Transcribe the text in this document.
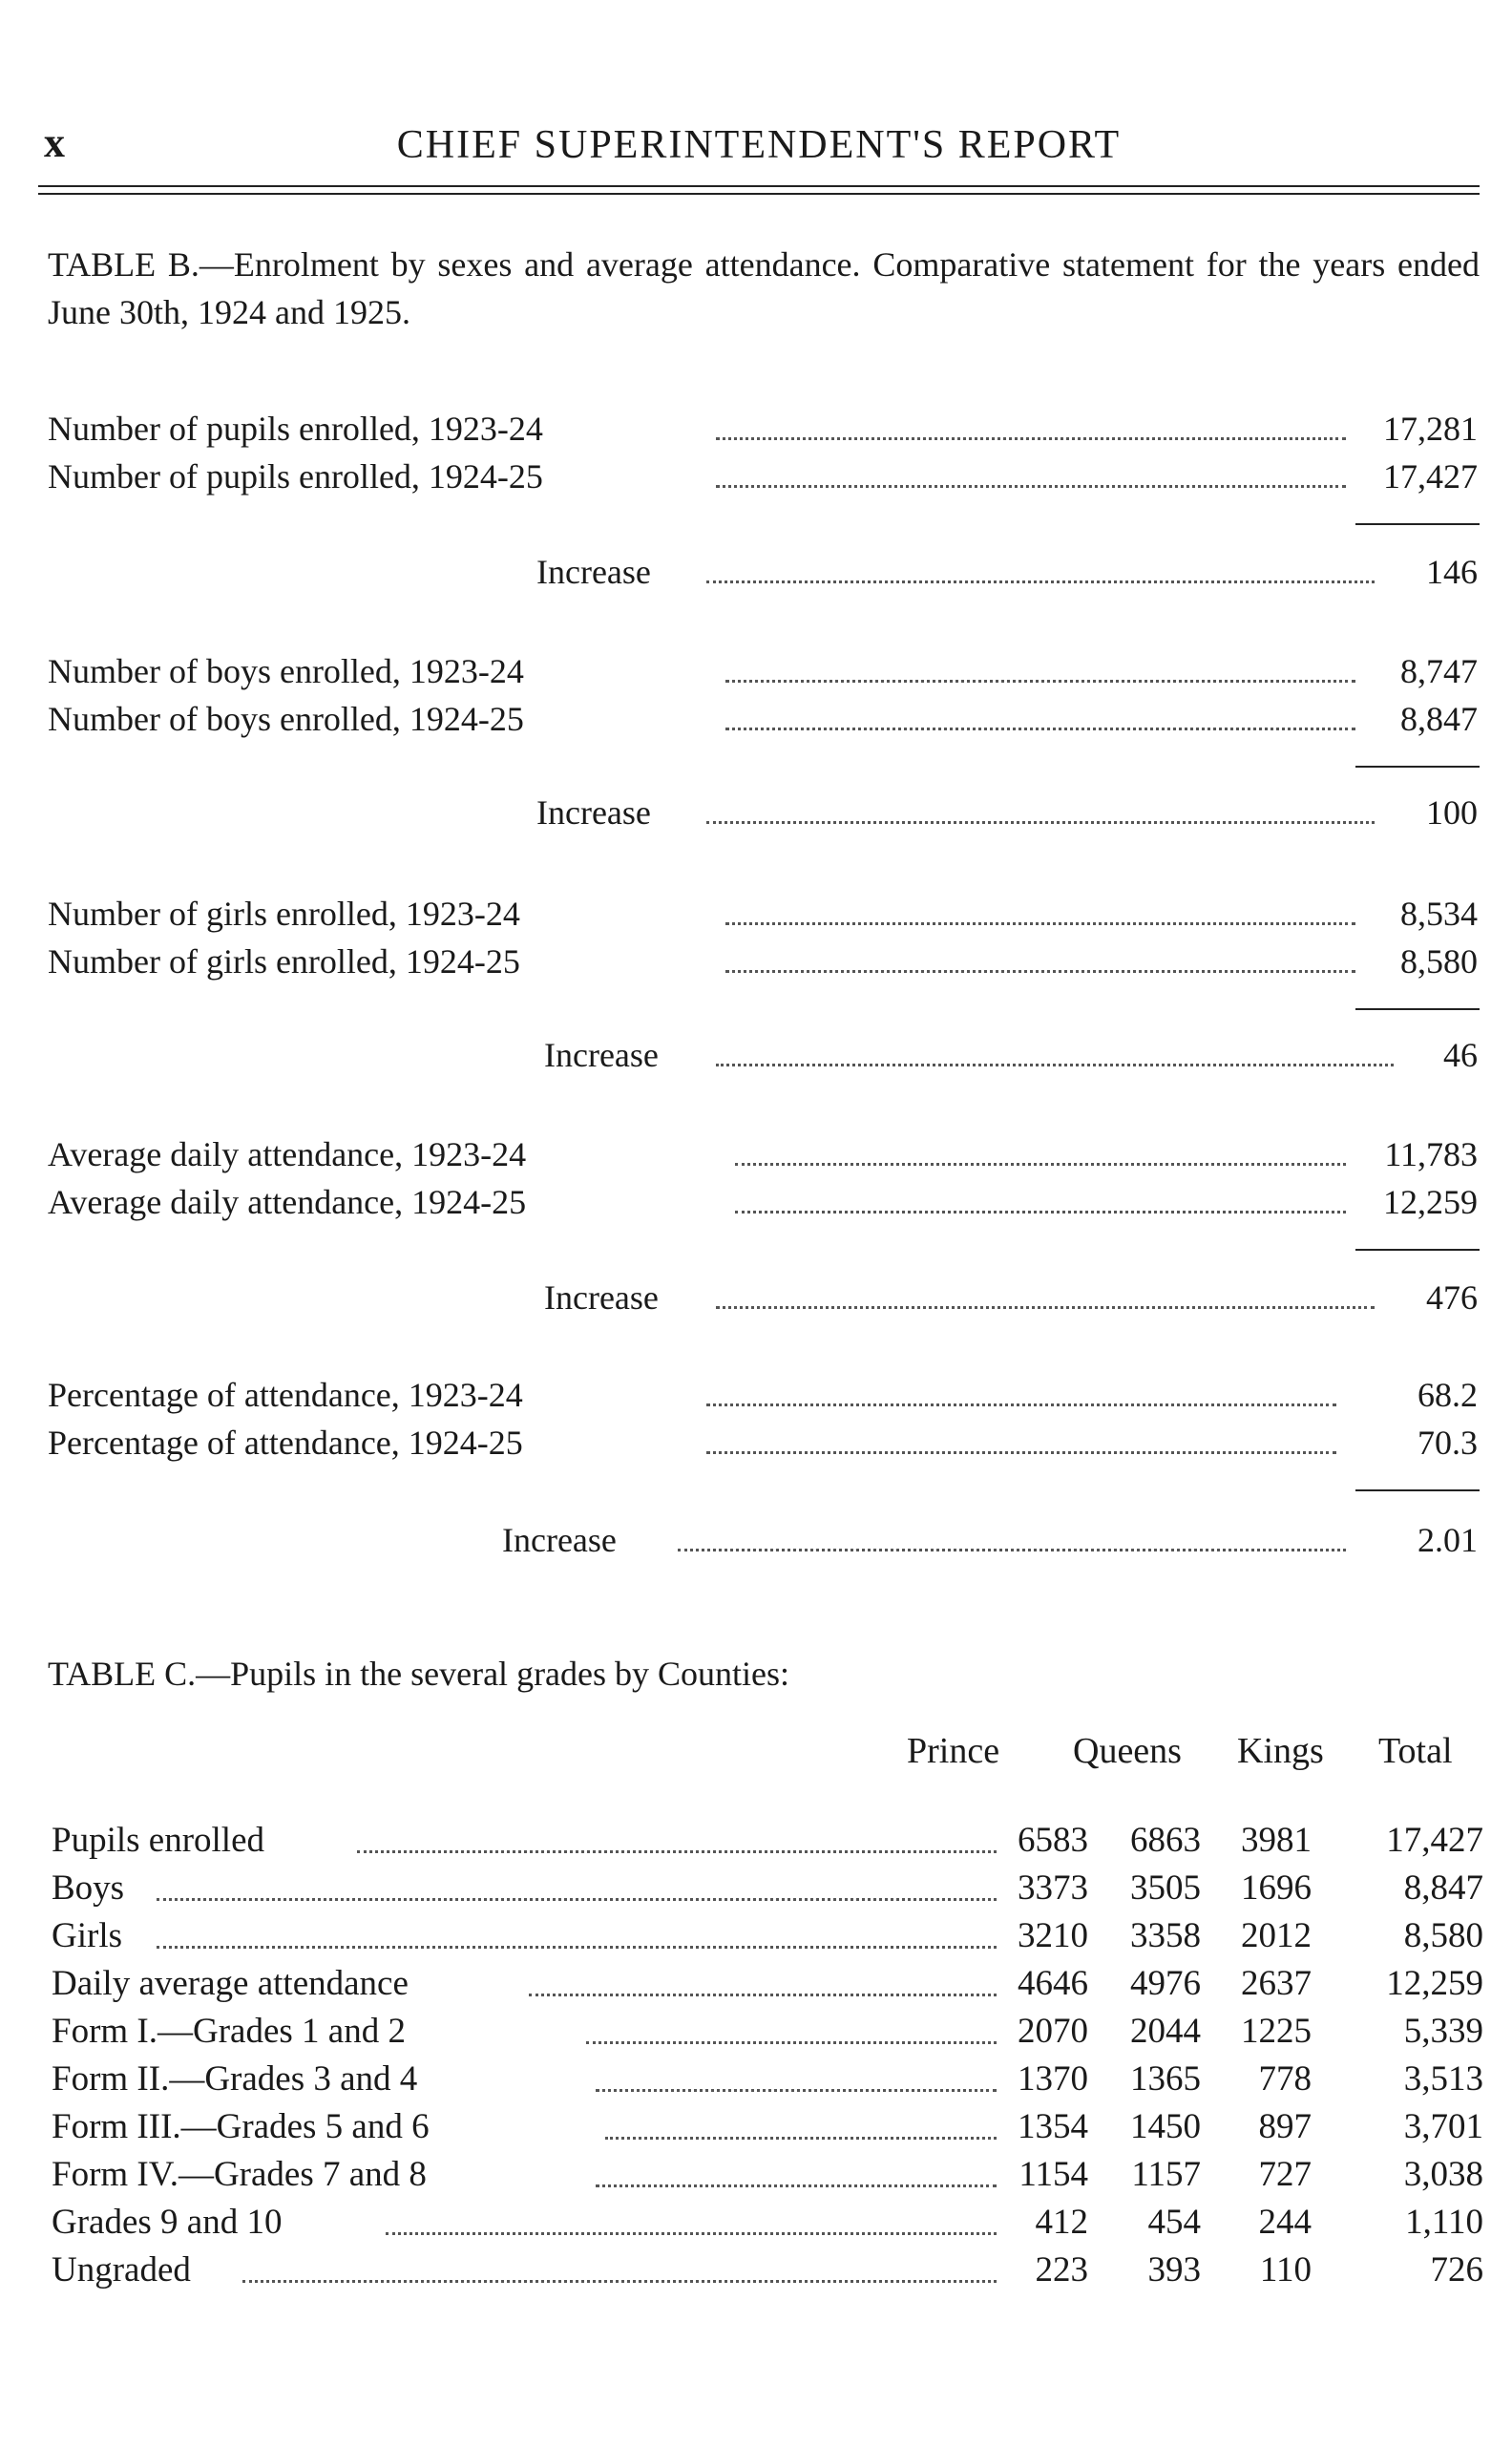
x	CHIEF SUPERINTENDENT'S REPORT
TABLE B.—Enrolment by sexes and average attendance. Comparative statement for the years ended June 30th, 1924 and 1925.
Number of pupils enrolled, 1923-24	17,281
Number of pupils enrolled, 1924-25	17,427
Increase	146
Number of boys enrolled, 1923-24	8,747
Number of boys enrolled, 1924-25	8,847
Increase	100
Number of girls enrolled, 1923-24	8,534
Number of girls enrolled, 1924-25	8,580
Increase	46
Average daily attendance, 1923-24	11,783
Average daily attendance, 1924-25	12,259
Increase	476
Percentage of attendance, 1923-24	68.2
Percentage of attendance, 1924-25	70.3
Increase	2.01
TABLE C.—Pupils in the several grades by Counties:
Prince Queens Kings Total
Pupils enrolled	6583 6863 3981 17,427
Boys	3373 3505 1696	8,847
Girls	3210 3358 2012	8,580
Daily average attendance	4646 4976 2637 12,259
Form I.—Grades 1 and 2	2070 2044 1225	5,339
Form II.—Grades 3 and 4	1370 1365 778	3,513
Form III.—Grades 5 and 6	1354 1450 897	3,701
Form IV.—Grades 7 and 8	1154 1157 727	3,038
Grades 9 and 10	412 454 244	1,110
Ungraded	223 393 110	726
